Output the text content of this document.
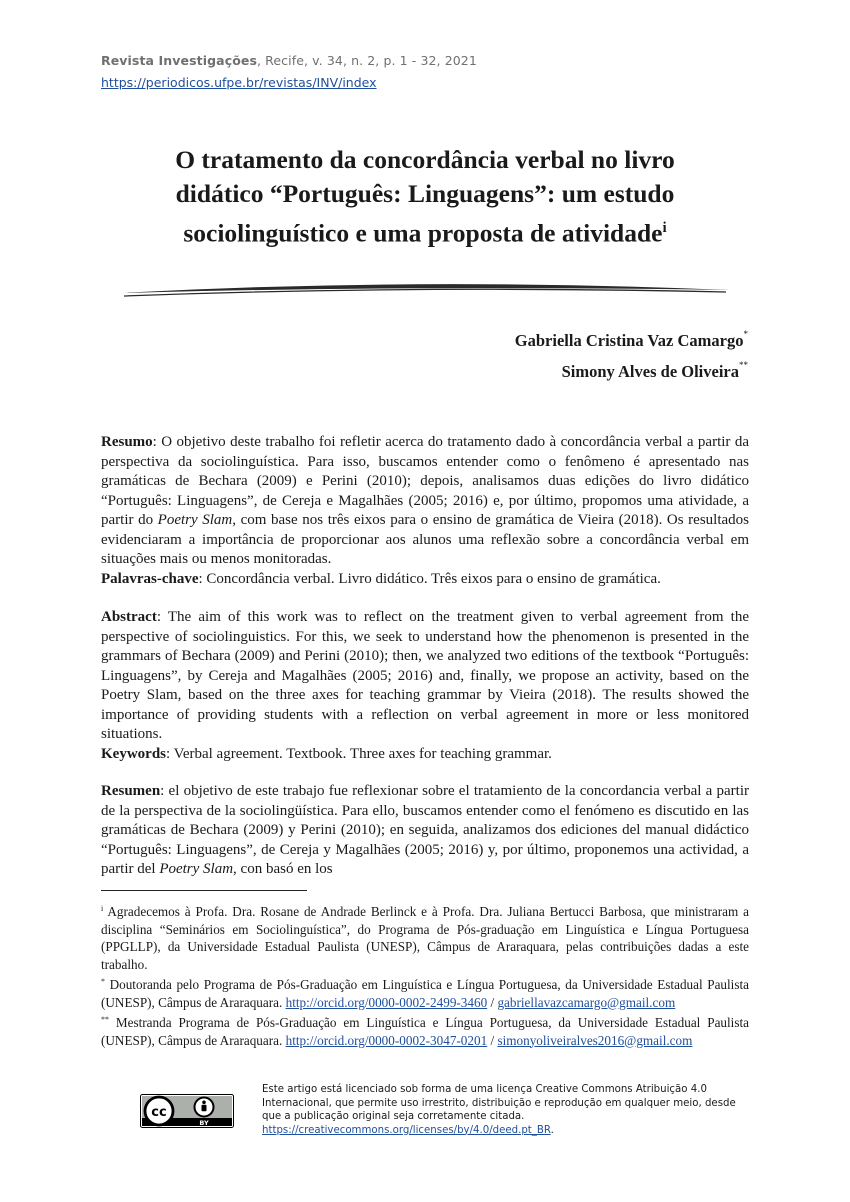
Revista Investigações, Recife, v. 34, n. 2, p. 1 - 32, 2021
https://periodicos.ufpe.br/revistas/INV/index
O tratamento da concordância verbal no livro
didático “Português: Linguagens”: um estudo
sociolinguístico e uma proposta de atividade$^i$
Gabriella Cristina Vaz Camargo*
Simony Alves de Oliveira**

Resumo: O objetivo deste trabalho foi refletir acerca do tratamento dado à concordância verbal a partir da perspectiva da sociolinguística. Para isso, buscamos entender como o fenômeno é apresentado nas gramáticas de Bechara (2009) e Perini (2010); depois, analisamos duas edições do livro didático “Português: Linguagens”, de Cereja e Magalhães (2005; 2016) e, por último, propomos uma atividade, a partir do Poetry Slam, com base nos três eixos para o ensino de gramática de Vieira (2018). Os resultados evidenciaram a importância de proporcionar aos alunos uma reflexão sobre a concordância verbal em situações mais ou menos monitoradas.

Palavras-chave: Concordância verbal. Livro didático. Três eixos para o ensino de gramática.

Abstract: The aim of this work was to reflect on the treatment given to verbal agreement from the perspective of sociolinguistics. For this, we seek to understand how the phenomenon is presented in the grammars of Bechara (2009) and Perini (2010); then, we analyzed two editions of the textbook “Português: Linguagens”, by Cereja and Magalhães (2005; 2016) and, finally, we propose an activity, based on the Poetry Slam, based on the three axes for teaching grammar by Vieira (2018). The results showed the importance of providing students with a reflection on verbal agreement in more or less monitored situations.

Keywords: Verbal agreement. Textbook. Three axes for teaching grammar.

Resumen: el objetivo de este trabajo fue reflexionar sobre el tratamiento de la concordancia verbal a partir de la perspectiva de la sociolingüística. Para ello, buscamos entender como el fenómeno es discutido en las gramáticas de Bechara (2009) y Perini (2010); en seguida, analizamos dos ediciones del manual didáctico “Português: Linguagens”, de Cereja y Magalhães (2005; 2016) y, por último, proponemos una actividad, a partir del Poetry Slam, con basó en los

$^i$ Agradecemos à Profa. Dra. Rosane de Andrade Berlinck e à Profa. Dra. Juliana Bertucci Barbosa, que ministraram a disciplina “Seminários em Sociolinguística”, do Programa de Pós-graduação em Linguística e Língua Portuguesa (PPGLLP), da Universidade Estadual Paulista (UNESP), Câmpus de Araraquara, pelas contribuições dadas a este trabalho.

* Doutoranda pelo Programa de Pós-Graduação em Linguística e Língua Portuguesa, da Universidade Estadual Paulista (UNESP), Câmpus de Araraquara. http://orcid.org/0000-0002-2499-3460 / gabriellavazcamargo@gmail.com

** Mestranda Programa de Pós-Graduação em Linguística e Língua Portuguesa, da Universidade Estadual Paulista (UNESP), Câmpus de Araraquara. http://orcid.org/0000-0002-3047-0201 / simonyoliveiralves2016@gmail.com

cc
BY

Este artigo está licenciado sob forma de uma licença Creative Commons Atribuição 4.0 Internacional, que permite uso irrestrito, distribuição e reprodução em qualquer meio, desde que a publicação original seja corretamente citada.

https://creativecommons.org/licenses/by/4.0/deed.pt_BR.
